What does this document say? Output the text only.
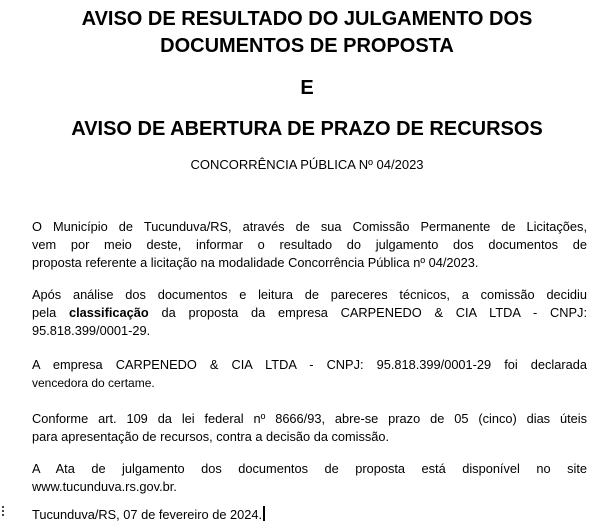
AVISO DE RESULTADO DO JULGAMENTO DOS
DOCUMENTOS DE PROPOSTA
E
AVISO DE ABERTURA DE PRAZO DE RECURSOS
CONCORRÊNCIA PÚBLICA Nº 04/2023
O Município de Tucunduva/RS, através de sua Comissão Permanente de Licitações,
vem por meio deste, informar o resultado do julgamento dos documentos de
proposta referente a licitação na modalidade Concorrência Pública nº 04/2023.
Após análise dos documentos e leitura de pareceres técnicos, a comissão decidiu
pela classificação da proposta da empresa CARPENEDO & CIA LTDA - CNPJ:
95.818.399/0001-29.
A empresa CARPENEDO & CIA LTDA - CNPJ: 95.818.399/0001-29 foi declarada
vencedora do certame.
Conforme art. 109 da lei federal nº 8666/93, abre-se prazo de 05 (cinco) dias úteis
para apresentação de recursos, contra a decisão da comissão.
A Ata de julgamento dos documentos de proposta está disponível no site
www.tucunduva.rs.gov.br.
Tucunduva/RS, 07 de fevereiro de 2024.
